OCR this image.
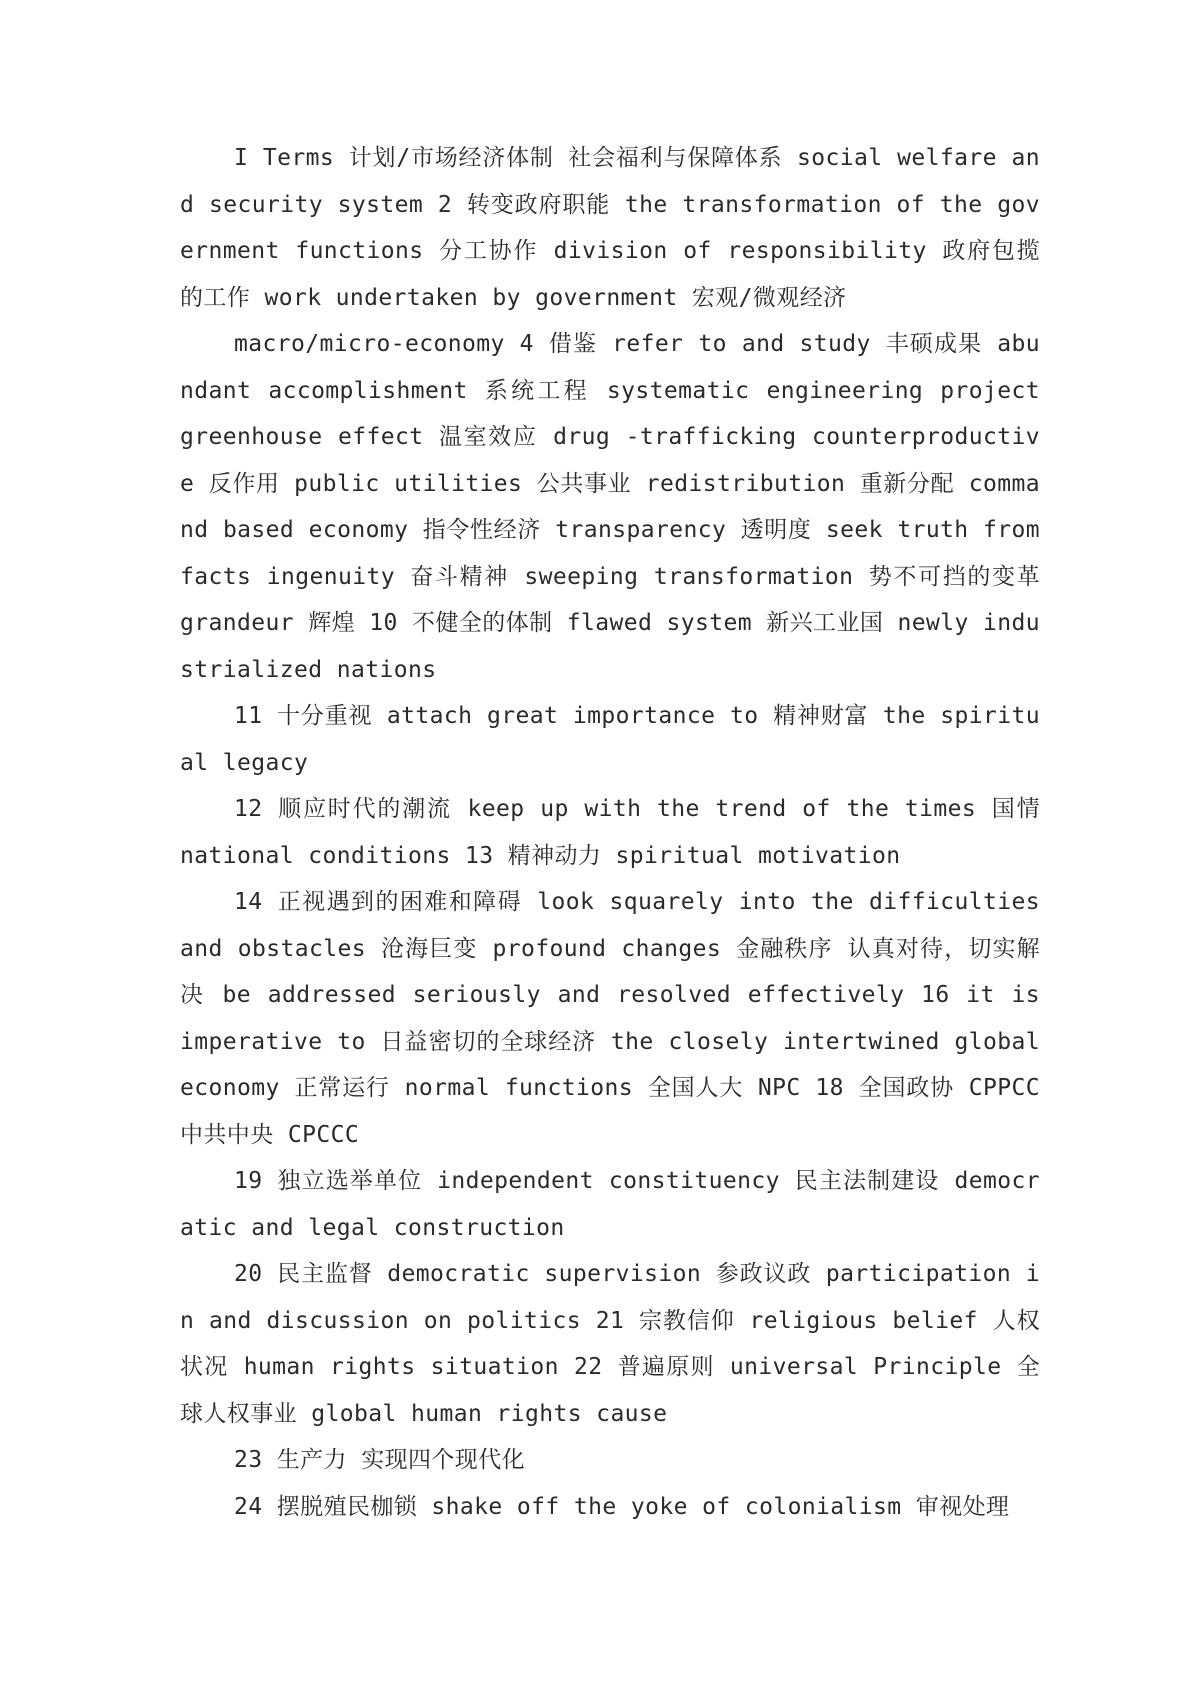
I Terms 计划/市场经济体制 社会福利与保障体系 social welfare and security system 2 转变政府职能 the transformation of the government functions 分工协作 division of responsibility 政府包揽的工作 work undertaken by government 宏观/微观经济

macro/micro-economy 4 借鉴 refer to and study 丰硕成果 abundant accomplishment 系统工程 systematic engineering project greenhouse effect 温室效应 drug -trafficking counterproductive 反作用 public utilities 公共事业 redistribution 重新分配 command based economy 指令性经济 transparency 透明度 seek truth from facts ingenuity 奋斗精神 sweeping transformation 势不可挡的变革 grandeur 辉煌 10 不健全的体制 flawed system 新兴工业国 newly industrialized nations

11 十分重视 attach great importance to 精神财富 the spiritual legacy

12 顺应时代的潮流 keep up with the trend of the times 国情 national conditions 13 精神动力 spiritual motivation

14 正视遇到的困难和障碍 look squarely into the difficulties and obstacles 沧海巨变 profound changes 金融秩序 认真对待，切实解决 be addressed seriously and resolved effectively 16 it is imperative to 日益密切的全球经济 the closely intertwined global economy 正常运行 normal functions 全国人大 NPC 18 全国政协 CPPCC 中共中央 CPCCC

19 独立选举单位 independent constituency 民主法制建设 democratic and legal construction

20 民主监督 democratic supervision 参政议政 participation in and discussion on politics 21 宗教信仰 religious belief 人权状况 human rights situation 22 普遍原则 universal Principle 全球人权事业 global human rights cause

23 生产力 实现四个现代化

24 摆脱殖民枷锁 shake off the yoke of colonialism 审视处理
